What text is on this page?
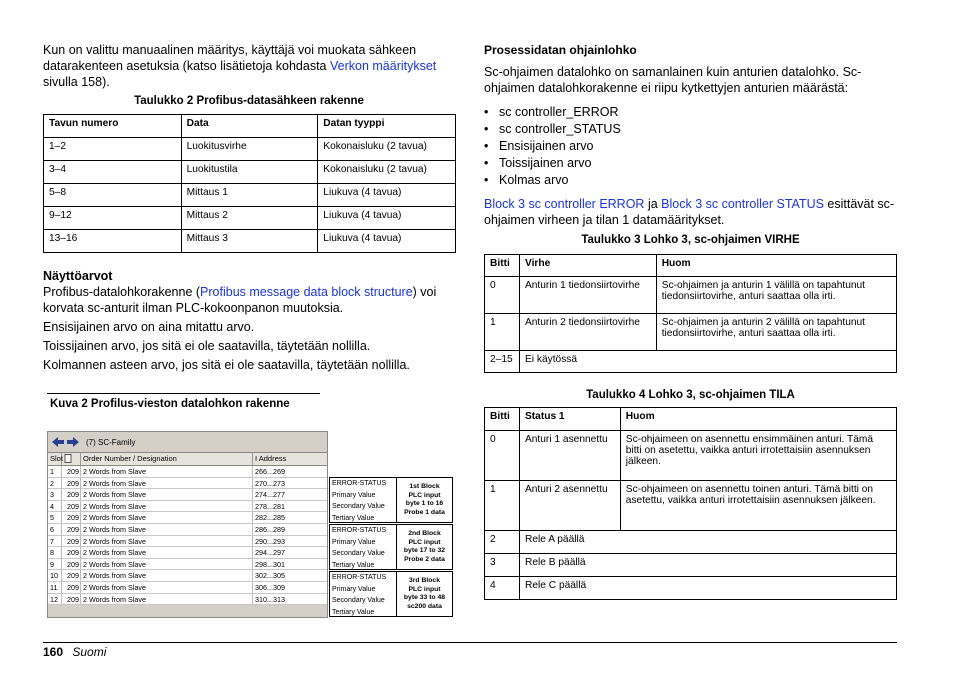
Kun on valittu manuaalinen määritys, käyttäjä voi muokata sähkeen datarakenteen asetuksia (katso lisätietoja kohdasta Verkon määritykset
sivulla 158).

Taulukko 2 Profibus-datasähkeen rakenne
Tavun numero	Data	Datan tyyppi
1–2	Luokitusvirhe	Kokonaisluku (2 tavua)
3–4	Luokitustila	Kokonaisluku (2 tavua)
5–8	Mittaus 1	Liukuva (4 tavua)
9–12	Mittaus 2	Liukuva (4 tavua)
13–16	Mittaus 3	Liukuva (4 tavua)

Näyttöarvot

Profibus-datalohkorakenne (Profibus message data block structure) voi korvata sc-anturit ilman PLC-kokoonpanon muutoksia.

Ensisijainen arvo on aina mitattu arvo.

Toissijainen arvo, jos sitä ei ole saatavilla, täytetään nollilla.

Kolmannen asteen arvo, jos sitä ei ole saatavilla, täytetään nollilla.

Kuva 2 Profilus-vieston datalohkon rakenne
(7) SC-Family
Slot	Order Number / Designation	I Address
1	209 2 Words from Slave	266...269
2	209 2 Words from Slave	270...273
3	209 2 Words from Slave	274...277
4	209 2 Words from Slave	278...281
5	209 2 Words from Slave	282...285
6	209 2 Words from Slave	286...289
7	209 2 Words from Slave	290...293
8	209 2 Words from Slave	294...297
9	209 2 Words from Slave	298...301
10	209 2 Words from Slave	302...305
11	209 2 Words from Slave	306...309
12	209 2 Words from Slave	310...313
ERROR-STATUS
Primary Value
Secondary Value
Tertiary Value
1st Block
PLC input
byte 1 to 16
Probe 1 data
ERROR-STATUS
Primary Value
Secondary Value
Tertiary Value
2nd Block
PLC input
byte 17 to 32
Probe 2 data
ERROR-STATUS
Primary Value
Secondary Value
Tertiary Value
3rd Block
PLC input
byte 33 to 48
sc200 data

Prosessidatan ohjainlohko

Sc-ohjaimen datalohko on samanlainen kuin anturien datalohko. Sc-ohjaimen datalohkorakenne ei riipu kytkettyjen anturien määrästä:

• sc controller_ERROR
• sc controller_STATUS
• Ensisijainen arvo
• Toissijainen arvo
• Kolmas arvo

Block 3 sc controller ERROR ja Block 3 sc controller STATUS esittävät sc-ohjaimen virheen ja tilan 1 datamääritykset.

Taulukko 3 Lohko 3, sc-ohjaimen VIRHE
Bitti	Virhe	Huom
0	Anturin 1 tiedonsiirtovirhe	Sc-ohjaimen ja anturin 1 välillä on tapahtunut tiedonsiirtovirhe, anturi saattaa olla irti.
1	Anturin 2 tiedonsiirtovirhe	Sc-ohjaimen ja anturin 2 välillä on tapahtunut tiedonsiirtovirhe, anturi saattaa olla irti.
2–15	Ei käytössä	
Taulukko 4 Lohko 3, sc-ohjaimen TILA
Bitti	Status 1	Huom
0	Anturi 1 asennettu	Sc-ohjaimeen on asennettu ensimmäinen anturi. Tämä bitti on asetettu, vaikka anturi irrotettaisiin asennuksen jälkeen.
1	Anturi 2 asennettu	Sc-ohjaimeen on asennettu toinen anturi. Tämä bitti on asetettu, vaikka anturi irrotettaisiin asennuksen jälkeen.
2	Rele A päällä	
3	Rele B päällä	
4	Rele C päällä	
160 Suomi
